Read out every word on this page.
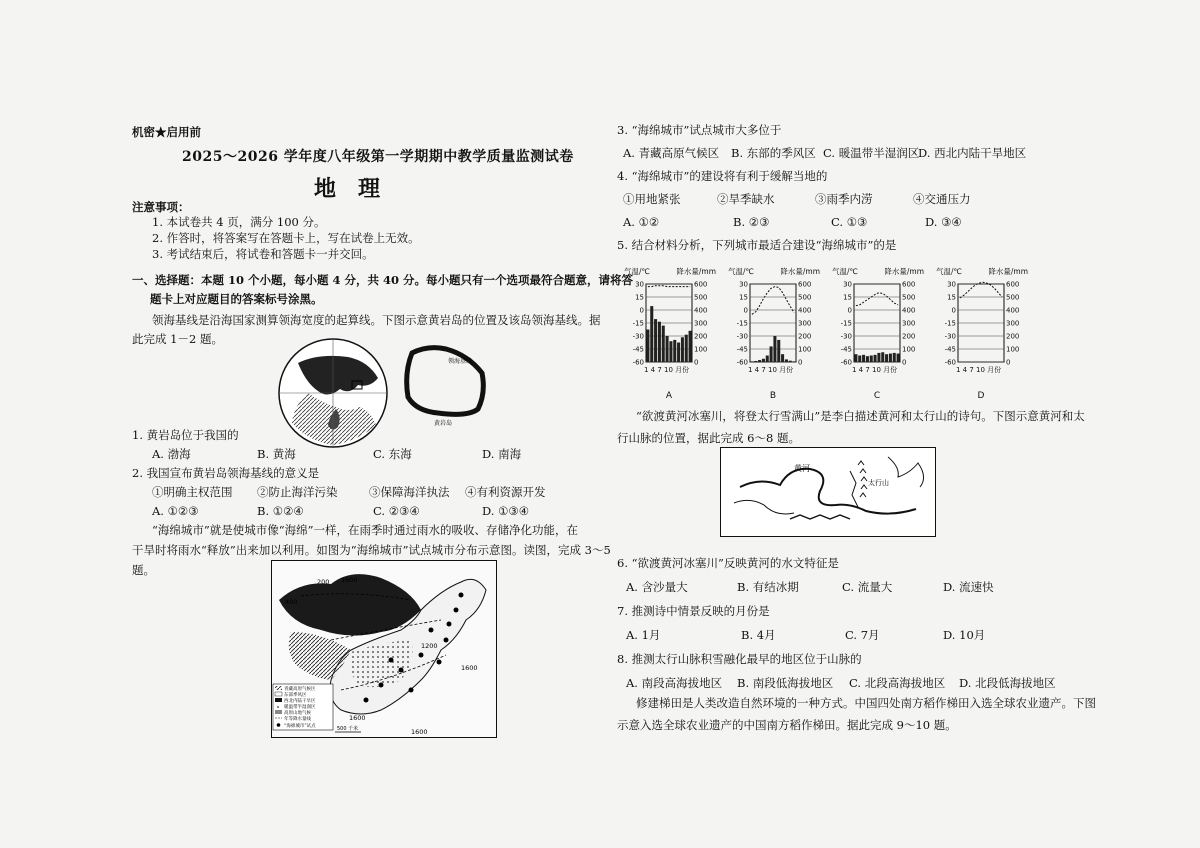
机密★启用前
2025～2026 学年度八年级第一学期期中教学质量监测试卷
地　理
注意事项：
1. 本试卷共 4 页，满分 100 分。
2. 作答时，将答案写在答题卡上，写在试卷上无效。
3. 考试结束后，将试卷和答题卡一并交回。
一、选择题：本题 10 个小题，每小题 4 分，共 40 分。每小题只有一个选项最符合题意，请将答
题卡上对应题目的答案标号涂黑。
领海基线是沿海国家测算领海宽度的起算线。下图示意黄岩岛的位置及该岛领海基线。据
此完成 1－2 题。
领海基线
黄岩岛
1. 黄岩岛位于我国的
A. 渤海	B. 黄海	C. 东海	D. 南海
2. 我国宣布黄岩岛领海基线的意义是
①明确主权范围 ②防止海洋污染	③保障海洋执法 ④有利资源开发
A. ①②③	B. ①②④	C. ②③④	D. ①③④
“海绵城市”就是使城市像“海绵”一样，在雨季时通过雨水的吸收、存储净化功能，在
干旱时将雨水“释放”出来加以利用。如图为“海绵城市”试点城市分布示意图。读图，完成 3～5
题。
200 1600
400
1200
1600
1600
1600
青藏高原气候区
东部季风区
西北内陆干旱区
暖温带半湿润区
高原山地气候
年等降水量线
“海绵城市”试点	500 千米
3. “海绵城市”试点城市大多位于
A. 青藏高原气候区 B. 东部的季风区 C. 暖温带半湿润区
D. 西北内陆干旱地区
4. “海绵城市”的建设将有利于缓解当地的
①用地紧张	②旱季缺水	③雨季内涝	④交通压力
A. ①②	B. ②③	C. ①③	D. ③④
5. 结合材料分析，下列城市最适合建设“海绵城市”的是
气温/℃	降水量/mm
30	600
15	500
0	400
-15	300
-30	200
-45	100
-60	0
1 4 7 10 月份
A
气温/℃	降水量/mm
30	600
15	500
0	400
-15	300
-30	200
-45	100
-60	0
1 4 7 10 月份
B
气温/℃	降水量/mm
30	600
15	500
0	400
-15	300
-30	200
-45	100
-60	0
1 4 7 10 月份
C
气温/℃	降水量/mm
30	600
15	500
0	400
-15	300
-30	200
-45	100
-60	0
1 4 7 10 月份
D
“欲渡黄河冰塞川，将登太行雪满山”是李白描述黄河和太行山的诗句。下图示意黄河和太
行山脉的位置，据此完成 6～8 题。
黄河
太行山
6. “欲渡黄河冰塞川”反映黄河的水文特征是
A. 含沙量大	B. 有结冰期	C. 流量大	D. 流速快
7. 推测诗中情景反映的月份是
A. 1月	B. 4月	C. 7月	D. 10月
8. 推测太行山脉积雪融化最早的地区位于山脉的
A. 南段高海拔地区 B. 南段低海拔地区 C. 北段高海拔地区 D. 北段低海拔地区
修建梯田是人类改造自然环境的一种方式。中国四处南方稻作梯田入选全球农业遗产。下图
示意入选全球农业遗产的中国南方稻作梯田。据此完成 9～10 题。
